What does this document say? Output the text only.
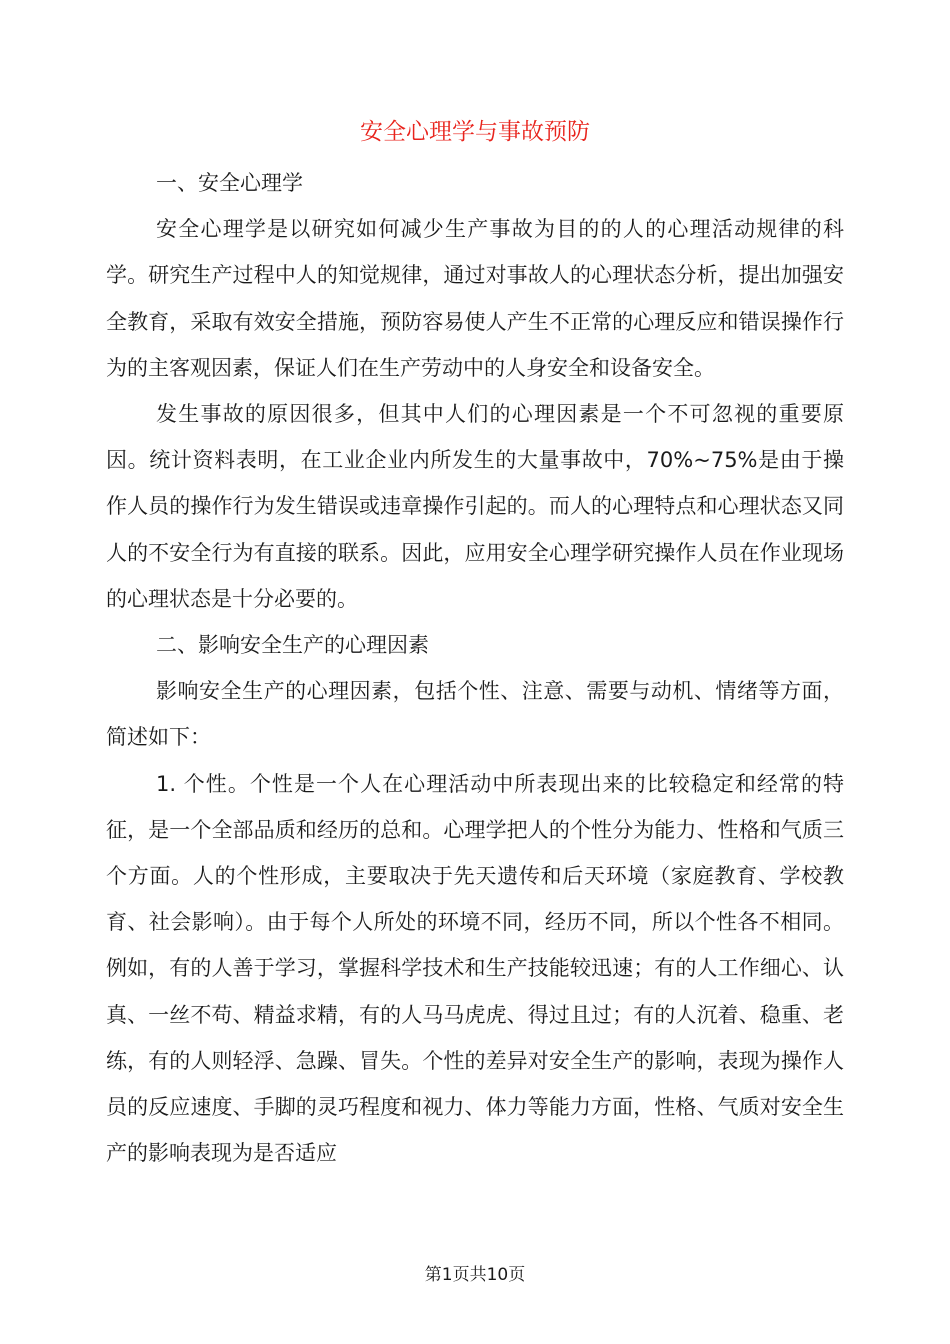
安全心理学与事故预防

一、安全心理学

安全心理学是以研究如何减少生产事故为目的的人的心理活动规律的科学。研究生产过程中人的知觉规律，通过对事故人的心理状态分析，提出加强安全教育，采取有效安全措施，预防容易使人产生不正常的心理反应和错误操作行为的主客观因素，保证人们在生产劳动中的人身安全和设备安全。

发生事故的原因很多，但其中人们的心理因素是一个不可忽视的重要原因。统计资料表明，在工业企业内所发生的大量事故中，70%~75%是由于操作人员的操作行为发生错误或违章操作引起的。而人的心理特点和心理状态又同人的不安全行为有直接的联系。因此，应用安全心理学研究操作人员在作业现场的心理状态是十分必要的。

二、影响安全生产的心理因素

影响安全生产的心理因素，包括个性、注意、需要与动机、情绪等方面，简述如下：

1. 个性。个性是一个人在心理活动中所表现出来的比较稳定和经常的特征，是一个全部品质和经历的总和。心理学把人的个性分为能力、性格和气质三个方面。人的个性形成，主要取决于先天遗传和后天环境（家庭教育、学校教育、社会影响）。由于每个人所处的环境不同，经历不同，所以个性各不相同。例如，有的人善于学习，掌握科学技术和生产技能较迅速；有的人工作细心、认真、一丝不苟、精益求精，有的人马马虎虎、得过且过；有的人沉着、稳重、老练，有的人则轻浮、急躁、冒失。个性的差异对安全生产的影响，表现为操作人员的反应速度、手脚的灵巧程度和视力、体力等能力方面，性格、气质对安全生产的影响表现为是否适应

第1页共10页
